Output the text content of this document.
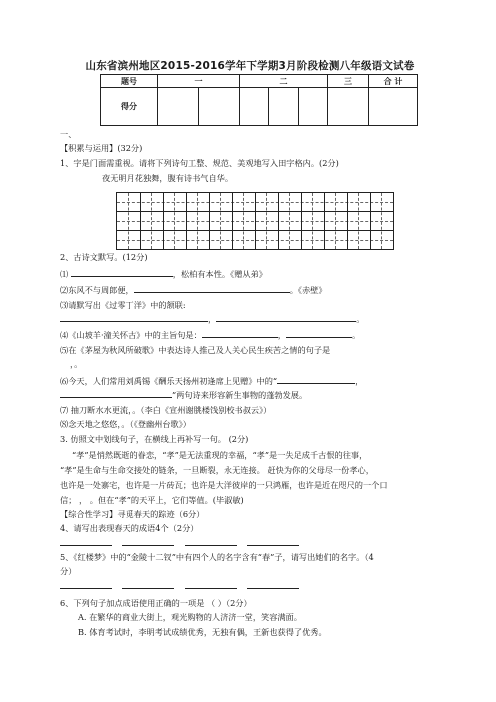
山东省滨州地区2015-2016学年下学期3月阶段检测八年级语文试卷
题号	一		二			三	合 计
得分							
一、
【积累与运用】(32分)
1、字是门面需重视。请将下列诗句工整、规范、美观地写入田字格内。(2分)
夜无明月花独舞，腹有诗书气自华。
2、古诗文默写。(12分)
⑴	，松柏有本性。《赠从弟》
⑵东风不与周郎便，	。《赤壁》
⑶请默写出《过零丁洋》中的颔联:
，	。
⑷《山坡羊·潼关怀古》中的主旨句是：	，	。
⑸在《茅屋为秋风所破歌》中表达诗人推己及人关心民生疾苦之情的句子是
，。
⑹今天，人们常用刘禹锡《酬乐天扬州初逢席上见赠》中的“	，
”两句诗来形容新生事物的蓬勃发展。
⑺ 抽刀断水水更流，。（李白《宣州谢朓楼饯别校书叔云》）
⑻念天地之悠悠，。（《登幽州台歌》）
3. 仿照文中划线句子，在横线上再补写一句。 (2分)
“孝”是悄然既逝的眷恋，“孝”是无法重现的幸福，“孝”是一失足成千古恨的往事，
“孝”是生命与生命交接处的链条，一旦断裂，永无连接。 赶快为你的父母尽一份孝心，
也许是一处寨宅，也许是一片砖瓦；也许是大洋彼岸的一只鸿雁，也许是近在咫尺的一个口
信； ， 。但在“孝”的天平上，它们等值。(毕淑敏)
【综合性学习】寻觅春天的踪迹（6分）
4、请写出表现春天的成语4个（2分）

5、《红楼梦》中的“金陵十二钗”中有四个人的名字含有“春”子，请写出她们的名字。（4
分）

6、下列句子加点成语使用正确的一项是 （ ）（2分）
A. 在繁华的商业大街上，观光购物的人济济一堂，笑容满面。
B. 体育考试时，李明考试成绩优秀，无独有偶，王新也获得了优秀。
